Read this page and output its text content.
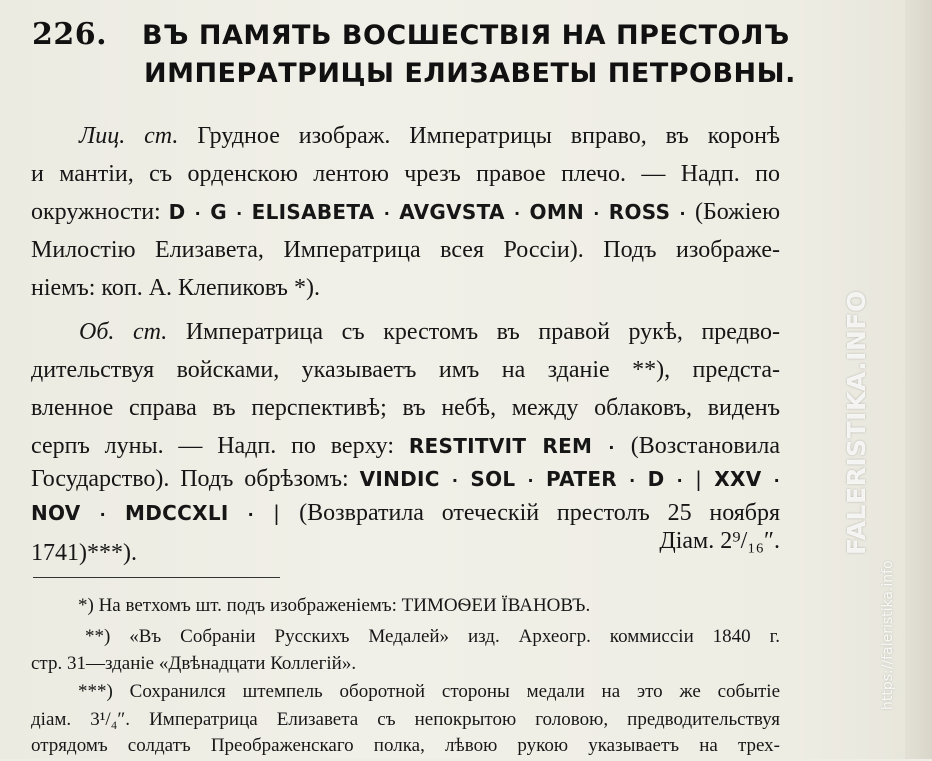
226. ВЪ ПАМЯТЬ ВОСШЕСТВІЯ НА ПРЕСТОЛЪ
ИМПЕРАТРИЦЫ ЕЛИЗАВЕТЫ ПЕТРОВНЫ.
Лиц. ст. Грудное изображ. Императрицы вправо, въ коронѣ
и мантіи, съ орденскою лентою чрезъ правое плечо. — Надп. по
окружности: D · G · ELISABETA · AVGVSTA · OMN · ROSS · (Божіею
Милостію Елизавета, Императрица всея Россіи). Подъ изображе-
ніемъ: коп. А. Клепиковъ *).
Об. ст. Императрица съ крестомъ въ правой рукѣ, предво-
дительствуя войсками, указываетъ имъ на зданіе **), предста-
вленное справа въ перспективѣ; въ небѣ, между облаковъ, виденъ
серпъ луны. — Надп. по верху: RESTITVIT REM · (Возстановила
Государство). Подъ обрѣзомъ: VINDIC · SOL · PATER · D · | XXV ·
NOV · MDCCXLI · | (Возвратила отеческій престолъ 25 ноября 1741)***).	Діам. 2⁹/₁₆″.
*) На ветхомъ шт. подъ изображеніемъ: ТИМОѲЕИ ЇВАНОВЪ.
**) «Въ Собраніи Русскихъ Медалей» изд. Археогр. коммиссіи 1840 г.
стр. 31—зданіе «Двѣнадцати Коллегій».
***) Сохранился штемпель оборотной стороны медали на это же событіе
діам. 3¹/₄″. Императрица Елизавета съ непокрытою головою, предводительствуя
отрядомъ солдатъ Преображенскаго полка, лѣвою рукою указываетъ на трех-
FALERISTIKA.INFO
https://faleristika.info
